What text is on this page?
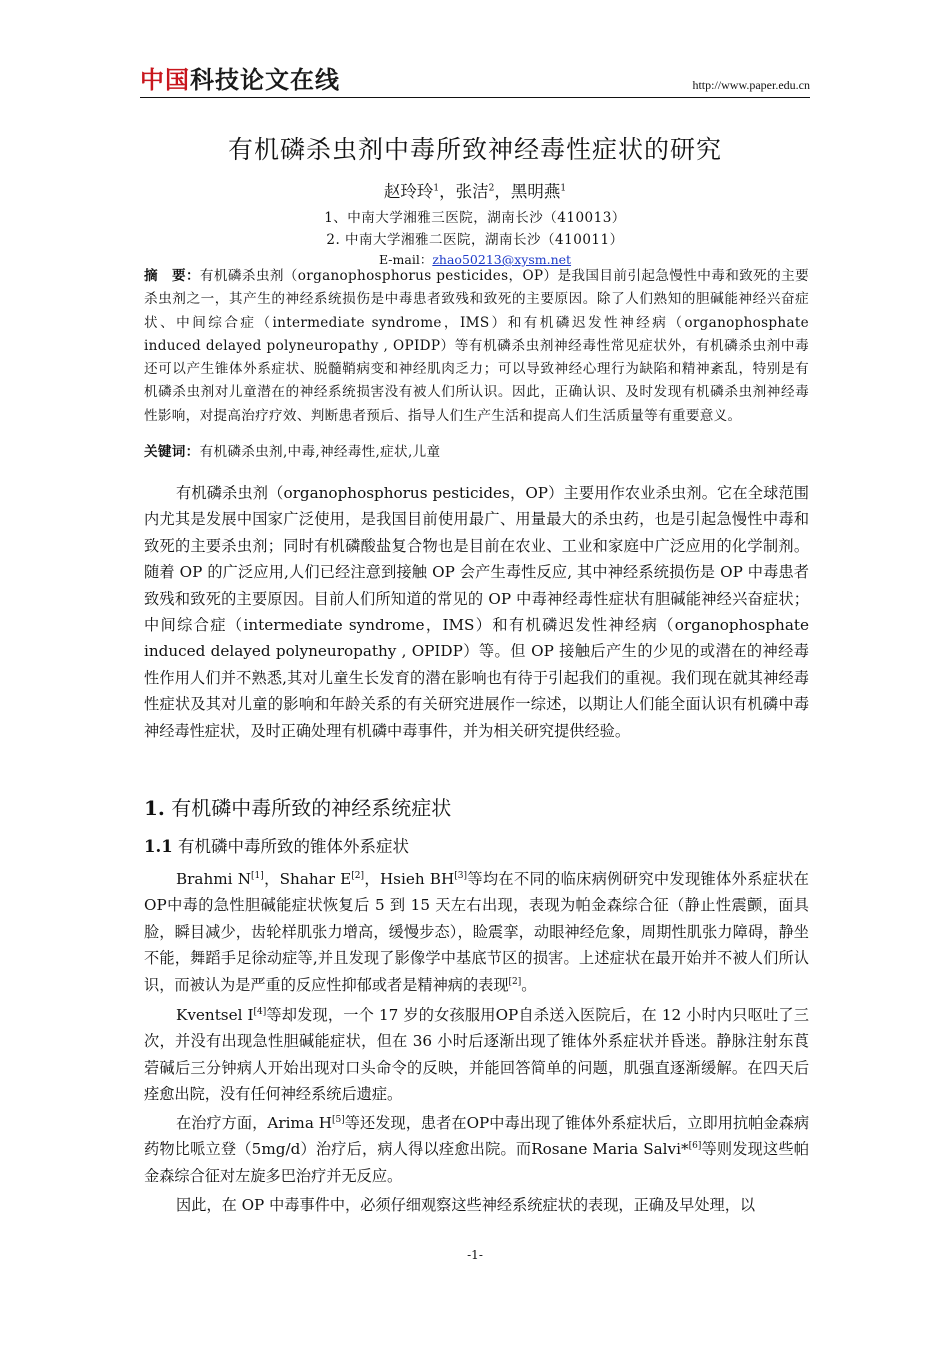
中国科技论文在线	http://www.paper.edu.cn
有机磷杀虫剂中毒所致神经毒性症状的研究
赵玲玲$^1$，张洁$^2$，黑明燕$^1$
1、中南大学湘雅三医院，湖南长沙（410013）
2. 中南大学湘雅二医院，湖南长沙（410011）
E-mail：zhao50213@xysm.net
摘　要：有机磷杀虫剂（organophosphorus pesticides，OP）是我国目前引起急慢性中毒和致死的主要杀虫剂之一，其产生的神经系统损伤是中毒患者致残和致死的主要原因。除了人们熟知的胆碱能神经兴奋症状、中间综合症（intermediate syndrome，IMS）和有机磷迟发性神经病（organophosphate induced delayed polyneuropathy , OPIDP）等有机磷杀虫剂神经毒性常见症状外，有机磷杀虫剂中毒还可以产生锥体外系症状、脱髓鞘病变和神经肌肉乏力；可以导致神经心理行为缺陷和精神紊乱，特别是有机磷杀虫剂对儿童潜在的神经系统损害没有被人们所认识。因此，正确认识、及时发现有机磷杀虫剂神经毒性影响，对提高治疗疗效、判断患者预后、指导人们生产生活和提高人们生活质量等有重要意义。
关键词：有机磷杀虫剂,中毒,神经毒性,症状,儿童

有机磷杀虫剂（organophosphorus pesticides，OP）主要用作农业杀虫剂。它在全球范围内尤其是发展中国家广泛使用，是我国目前使用最广、用量最大的杀虫药，也是引起急慢性中毒和致死的主要杀虫剂；同时有机磷酸盐复合物也是目前在农业、工业和家庭中广泛应用的化学制剂。随着 OP 的广泛应用,人们已经注意到接触 OP 会产生毒性反应, 其中神经系统损伤是 OP 中毒患者致残和致死的主要原因。目前人们所知道的常见的 OP 中毒神经毒性症状有胆碱能神经兴奋症状；中间综合症（intermediate syndrome，IMS）和有机磷迟发性神经病（organophosphate induced delayed polyneuropathy , OPIDP）等。但 OP 接触后产生的少见的或潜在的神经毒性作用人们并不熟悉,其对儿童生长发育的潜在影响也有待于引起我们的重视。我们现在就其神经毒性症状及其对儿童的影响和年龄关系的有关研究进展作一综述，以期让人们能全面认识有机磷中毒神经毒性症状，及时正确处理有机磷中毒事件，并为相关研究提供经验。

1. 有机磷中毒所致的神经系统症状
1.1 有机磷中毒所致的锥体外系症状

Brahmi N[1]，Shahar E[2]，Hsieh BH[3]等均在不同的临床病例研究中发现锥体外系症状在OP中毒的急性胆碱能症状恢复后 5 到 15 天左右出现，表现为帕金森综合征（静止性震颤，面具脸，瞬目减少，齿轮样肌张力增高，缓慢步态），睑震挛，动眼神经危象，周期性肌张力障碍，静坐不能，舞蹈手足徐动症等,并且发现了影像学中基底节区的损害。上述症状在最开始并不被人们所认识，而被认为是严重的反应性抑郁或者是精神病的表现[2]。

Kventsel I[4]等却发现，一个 17 岁的女孩服用OP自杀送入医院后，在 12 小时内只呕吐了三次，并没有出现急性胆碱能症状，但在 36 小时后逐渐出现了锥体外系症状并昏迷。静脉注射东莨菪碱后三分钟病人开始出现对口头命令的反映，并能回答简单的问题，肌强直逐渐缓解。在四天后痊愈出院，没有任何神经系统后遗症。

在治疗方面，Arima H[5]等还发现，患者在OP中毒出现了锥体外系症状后，立即用抗帕金森病药物比哌立登（5mg/d）治疗后，病人得以痊愈出院。而Rosane Maria Salvi*[6]等则发现这些帕金森综合征对左旋多巴治疗并无反应。

因此，在 OP 中毒事件中，必须仔细观察这些神经系统症状的表现，正确及早处理，以

-1-
